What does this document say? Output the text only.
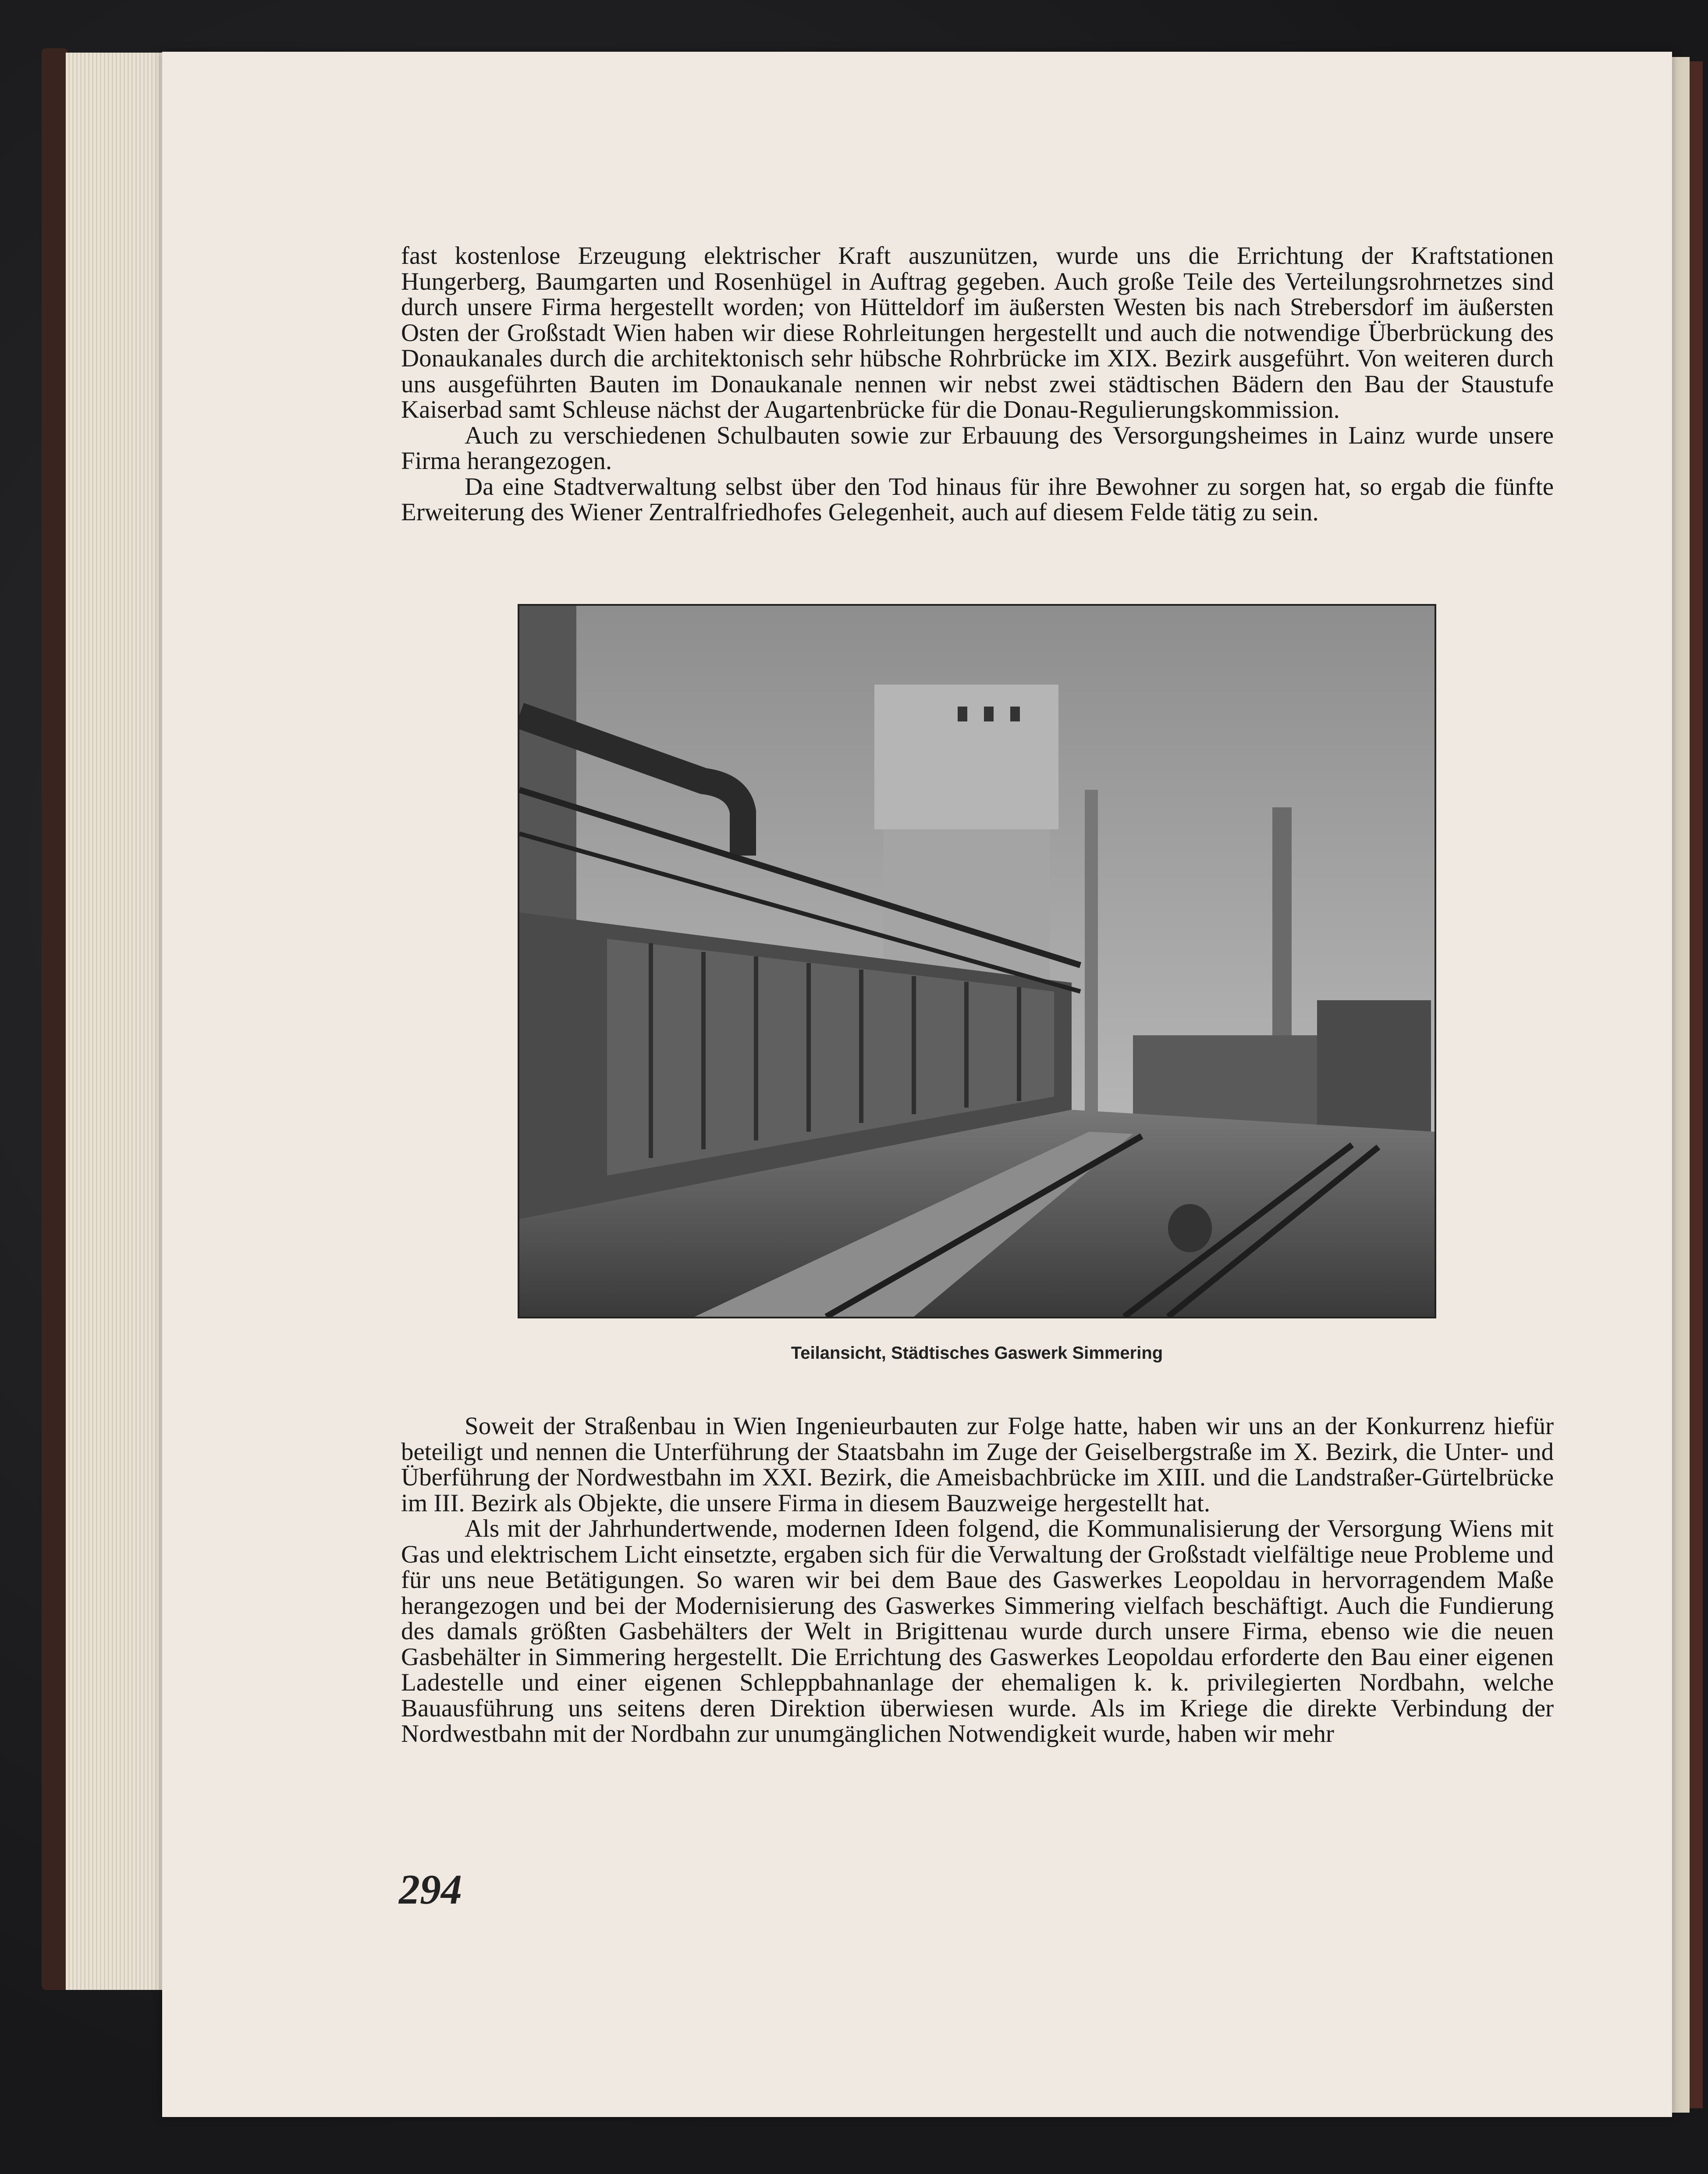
fast kostenlose Erzeugung elektrischer Kraft auszunützen, wurde uns die Errichtung der Kraftstationen Hungerberg, Baumgarten und Rosenhügel in Auftrag gegeben. Auch große Teile des Verteilungsrohrnetzes sind durch unsere Firma hergestellt worden; von Hütteldorf im äußersten Westen bis nach Strebersdorf im äußersten Osten der Großstadt Wien haben wir diese Rohrleitungen hergestellt und auch die notwendige Überbrückung des Donaukanales durch die architektonisch sehr hübsche Rohrbrücke im XIX. Bezirk ausgeführt. Von weiteren durch uns ausgeführten Bauten im Donaukanale nennen wir nebst zwei städtischen Bädern den Bau der Staustufe Kaiserbad samt Schleuse nächst der Augartenbrücke für die Donau-Regulierungskommission.

Auch zu verschiedenen Schulbauten sowie zur Erbauung des Versorgungsheimes in Lainz wurde unsere Firma herangezogen.

Da eine Stadtverwaltung selbst über den Tod hinaus für ihre Bewohner zu sorgen hat, so ergab die fünfte Erweiterung des Wiener Zentralfriedhofes Gelegenheit, auch auf diesem Felde tätig zu sein.

Teilansicht, Städtisches Gaswerk Simmering

Soweit der Straßenbau in Wien Ingenieurbauten zur Folge hatte, haben wir uns an der Konkurrenz hiefür beteiligt und nennen die Unterführung der Staatsbahn im Zuge der Geiselbergstraße im X. Bezirk, die Unter- und Überführung der Nordwestbahn im XXI. Bezirk, die Ameisbachbrücke im XIII. und die Landstraßer-Gürtelbrücke im III. Bezirk als Objekte, die unsere Firma in diesem Bauzweige hergestellt hat.

Als mit der Jahrhundertwende, modernen Ideen folgend, die Kommunalisierung der Versorgung Wiens mit Gas und elektrischem Licht einsetzte, ergaben sich für die Verwaltung der Großstadt vielfältige neue Probleme und für uns neue Betätigungen. So waren wir bei dem Baue des Gaswerkes Leopoldau in hervorragendem Maße herangezogen und bei der Modernisierung des Gaswerkes Simmering vielfach beschäftigt. Auch die Fundierung des damals größten Gasbehälters der Welt in Brigittenau wurde durch unsere Firma, ebenso wie die neuen Gasbehälter in Simmering hergestellt. Die Errichtung des Gaswerkes Leopoldau erforderte den Bau einer eigenen Ladestelle und einer eigenen Schleppbahnanlage der ehemaligen k. k. privilegierten Nordbahn, welche Bauausführung uns seitens deren Direktion überwiesen wurde. Als im Kriege die direkte Verbindung der Nordwestbahn mit der Nordbahn zur unumgänglichen Notwendigkeit wurde, haben wir mehr

294
